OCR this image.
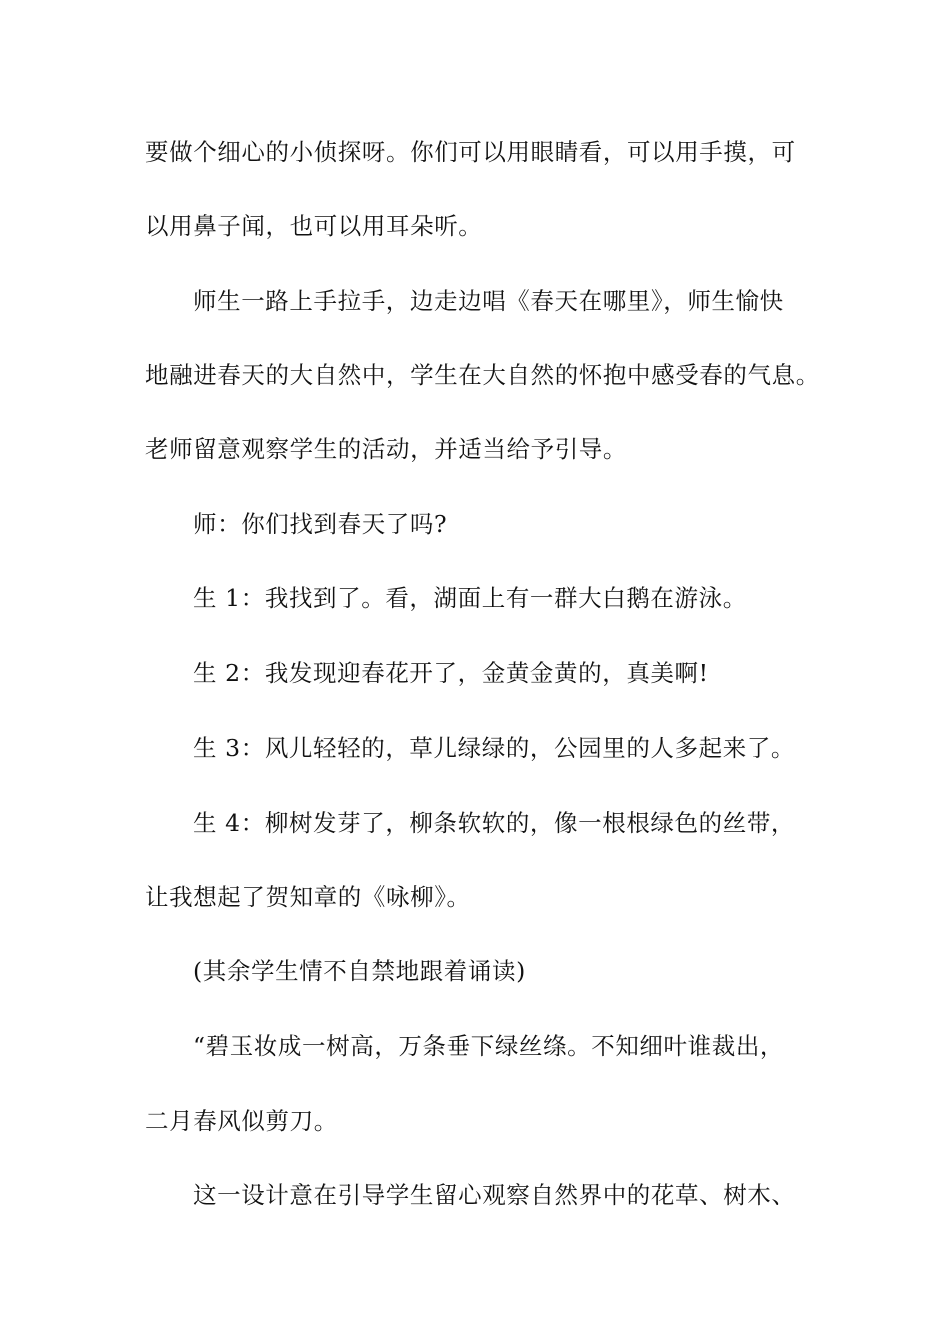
要做个细心的小侦探呀。你们可以用眼睛看，可以用手摸，可
以用鼻子闻，也可以用耳朵听。
师生一路上手拉手，边走边唱《春天在哪里》，师生愉快
地融进春天的大自然中，学生在大自然的怀抱中感受春的气息。
老师留意观察学生的活动，并适当给予引导。
师：你们找到春天了吗?
生 1：我找到了。看，湖面上有一群大白鹅在游泳。
生 2：我发现迎春花开了，金黄金黄的，真美啊!
生 3：风儿轻轻的，草儿绿绿的，公园里的人多起来了。
生 4：柳树发芽了，柳条软软的，像一根根绿色的丝带，
让我想起了贺知章的《咏柳》。
(其余学生情不自禁地跟着诵读)
“碧玉妆成一树高，万条垂下绿丝绦。不知细叶谁裁出，
二月春风似剪刀。
这一设计意在引导学生留心观察自然界中的花草、树木、
